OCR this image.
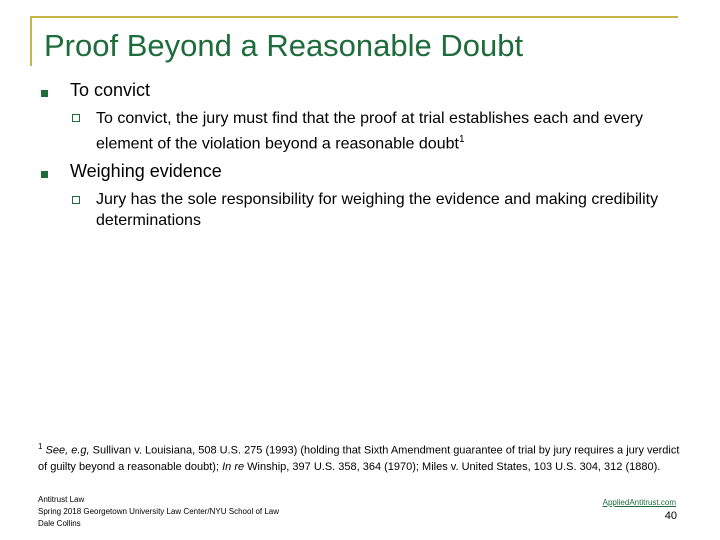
Proof Beyond a Reasonable Doubt
To convict
To convict, the jury must find that the proof at trial establishes each and every element of the violation beyond a reasonable doubt$^1$
Weighing evidence
Jury has the sole responsibility for weighing the evidence and making credibility determinations
$^1$ See, e.g, Sullivan v. Louisiana, 508 U.S. 275 (1993) (holding that Sixth Amendment guarantee of trial by jury requires a jury verdict of guilty beyond a reasonable doubt); In re Winship, 397 U.S. 358, 364 (1970); Miles v. United States, 103 U.S. 304, 312 (1880).
Antitrust Law
Spring 2018 Georgetown University Law Center/NYU School of Law
Dale Collins
AppliedAntitrust.com
40
